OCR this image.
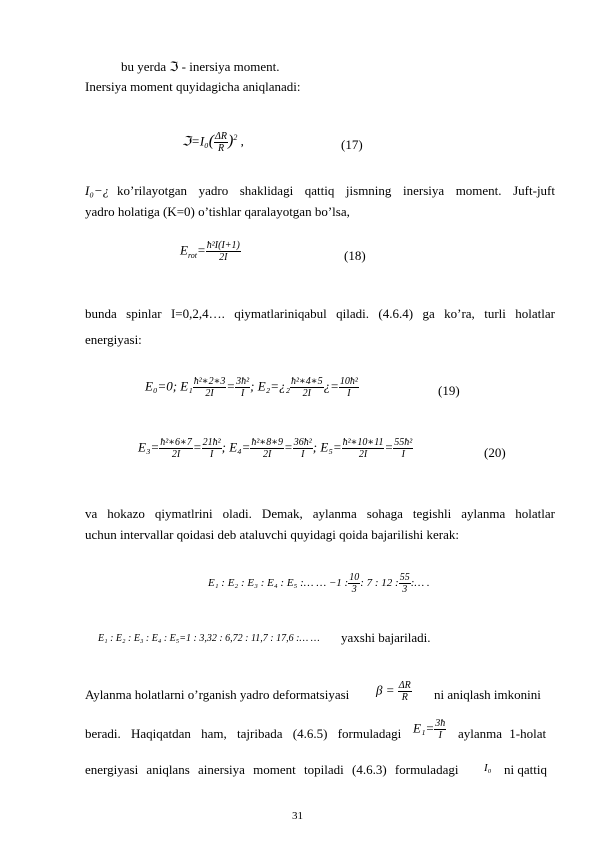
bu yerda ℑ - inersiya moment.
Inersiya moment quyidagicha aniqlanadi:
ℑ=I₀( $\frac{\Delta R}{R} )^2$ ,	(17)
I₀−¿ ko’rilayotgan yadro shaklidagi qattiq jismning inersiya moment. Juft-juft
yadro holatiga (K=0) o’tishlar qaralayotgan bo’lsa,
$E_{rot}= \frac{\text{ħ²I(I+1)}}{2I}$	(18)
bunda spinlar I=0,2,4…. qiymatlariniqabul qiladi. (4.6.4) ga ko’ra, turli holatlar
energiyasi:
E₀=0; $E_1 \frac{\text{ħ²∗2∗3}}{2I} = \frac{\text{3ħ²}}{I}$ ; E₂=¿₂ $\frac{\text{ħ²∗4∗5}}{2I}$ ¿= $\frac{\text{10ħ²}}{I}$	(19)
$E_3= \frac{\text{ħ²∗6∗7}}{2I} = \frac{\text{21ħ²}}{I}$ ; $E_4= \frac{\text{ħ²∗8∗9}}{2I} = \frac{\text{36ħ²}}{I}$ ; $E_5= \frac{\text{ħ²∗10∗11}}{2I} = \frac{\text{55ħ²}}{I}$	(20)
va hokazo qiymatlrini oladi. Demak, aylanma sohaga tegishli aylanma holatlar
uchun intervallar qoidasi deb ataluvchi quyidagi qoida bajarilishi kerak:
E₁ : E₂ : E₃ : E₄ : E₅ :… … −1 : $\frac{10}{3}$ : 7 : 12 : $\frac{55}{3}$ :… .
E₁ : E₂ : E₃ : E₄ : E₅=1 : 3,32 : 6,72 : 11,7 : 17,6 :… … yaxshi bajariladi.
Aylanma holatlarni o’rganish yadro deformatsiyasi $\beta = \frac{\Delta R}{R}$ ni aniqlash imkonini
beradi. Haqiqatdan ham, tajribada (4.6.5) formuladagi $E_1= \frac{3ħ}{I}$ aylanma 1-holat
energiyasi aniqlans ainersiya moment topiladi (4.6.3) formuladagi I₀ ni qattiq
31
